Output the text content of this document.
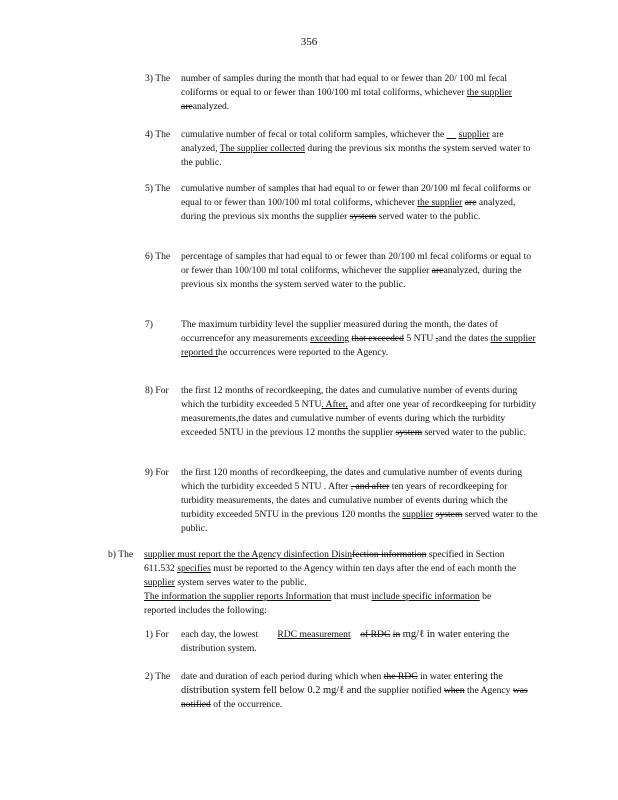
356
3) The number of samples during the month that had equal to or fewer than 20/ 100 ml fecal coliforms or equal to or fewer than 100/100 ml total coliforms, whichever the supplier areanalyzed.
4) The cumulative number of fecal or total coliform samples, whichever the supplier are analyzed, The supplier collected during the previous six months the system served water to the public.
5) The cumulative number of samples that had equal to or fewer than 20/100 ml fecal coliforms or equal to or fewer than 100/100 ml total coliforms, whichever the supplier are analyzed, during the previous six months the supplier system served water to the public.
6) The percentage of samples that had equal to or fewer than 20/100 ml fecal coliforms or equal to or fewer than 100/100 ml total coliforms, whichever the supplier areanalyzed, during the previous six months the system served water to the public.
7)	The maximum turbidity level the supplier measured during the month, the dates of occurrencefor any measurements exceeding that exceeded 5 NTU ,and the dates the supplier reported the occurrences were reported to the Agency.
8) For the first 12 months of recordkeeping, the dates and cumulative number of events during which the turbidity exceeded 5 NTU. After, and after one year of recordkeeping for turbidity measurements,the dates and cumulative number of events during which the turbidity exceeded 5NTU in the previous 12 months the supplier system served water to the public.
9) For the first 120 months of recordkeeping, the dates and cumulative number of events during which the turbidity exceeded 5 NTU . After , and after ten years of recordkeeping for turbidity measurements, the dates and cumulative number of events during which the turbidity exceeded 5NTU in the previous 120 months the supplier system served water to the public.
b) The supplier must report the the Agency disinfection Disinfection information specified in Section 611.532 specifies must be reported to the Agency within ten days after the end of each month the supplier system serves water to the public.
The information the supplier reports Information that must include specific information be reported includes the following:
1) For each day, the lowest RDC measurement of RDC in mg/ℓ in water entering the distribution system.
2) The date and duration of each period during which when the RDC in water entering the distribution system fell below 0.2 mg/ℓ and the supplier notified when the Agency was notified of the occurrence.
